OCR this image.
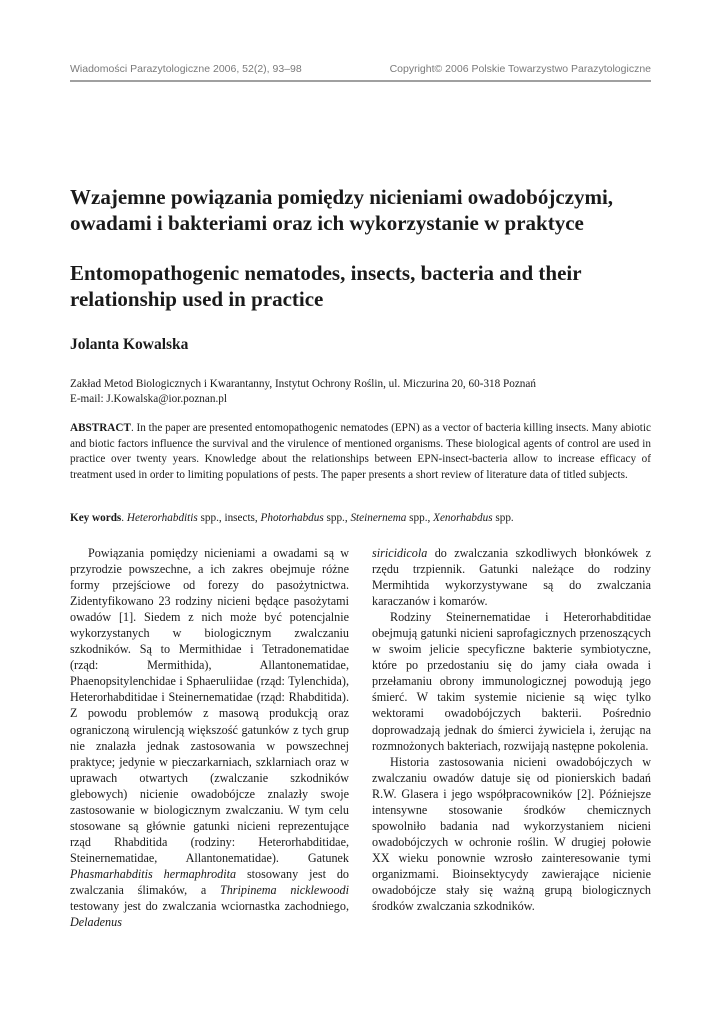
Wiadomości Parazytologiczne 2006, 52(2), 93–98	Copyright© 2006 Polskie Towarzystwo Parazytologiczne
Wzajemne powiązania pomiędzy nicieniami owadobójczymi,
owadami i bakteriami oraz ich wykorzystanie w praktyce
Entomopathogenic nematodes, insects, bacteria and their
relationship used in practice

Jolanta Kowalska

Zakład Metod Biologicznych i Kwarantanny, Instytut Ochrony Roślin, ul. Miczurina 20, 60-318 Poznań
E-mail: J.Kowalska@ior.poznan.pl

ABSTRACT. In the paper are presented entomopathogenic nematodes (EPN) as a vector of bacteria killing insects. Many abiotic and biotic factors influence the survival and the virulence of mentioned organisms. These biological agents of control are used in practice over twenty years. Knowledge about the relationships between EPN-insect-bacteria allow to increase efficacy of treatment used in order to limiting populations of pests. The paper presents a short review of literature data of titled subjects.

Key words. Heterorhabditis spp., insects, Photorhabdus spp., Steinernema spp., Xenorhabdus spp.

Powiązania pomiędzy nicieniami a owadami są w przyrodzie powszechne, a ich zakres obejmuje różne formy przejściowe od forezy do pasożytnictwa. Zidentyfikowano 23 rodziny nicieni będące pasożytami owadów [1]. Siedem z nich może być potencjalnie wykorzystanych w biologicznym zwalczaniu szkodników. Są to Mermithidae i Tetradonematidae (rząd: Mermithida), Allantonematidae, Phaenopsitylenchidae i Sphaeruliidae (rząd: Tylenchida), Heterorhabditidae i Steinernematidae (rząd: Rhabditida). Z powodu problemów z masową produkcją oraz ograniczoną wirulencją większość gatunków z tych grup nie znalazła jednak zastosowania w powszechnej praktyce; jedynie w pieczarkarniach, szklarniach oraz w uprawach otwartych (zwalczanie szkodników glebowych) nicienie owadobójcze znalazły swoje zastosowanie w biologicznym zwalczaniu. W tym celu stosowane są głównie gatunki nicieni reprezentujące rząd Rhabditida (rodziny: Heterorhabditidae, Steinernematidae, Allantonematidae). Gatunek Phasmarhabditis hermaphrodita stosowany jest do zwalczania ślimaków, a Thripinema nicklewoodi testowany jest do zwalczania wciornastka zachodniego, Deladenus

siricidicola do zwalczania szkodliwych błonkówek z rzędu trzpiennik. Gatunki należące do rodziny Mermihtida wykorzystywane są do zwalczania karaczanów i komarów.

Rodziny Steinernematidae i Heterorhabditidae obejmują gatunki nicieni saprofagicznych przenoszących w swoim jelicie specyficzne bakterie symbiotyczne, które po przedostaniu się do jamy ciała owada i przełamaniu obrony immunologicznej powodują jego śmierć. W takim systemie nicienie są więc tylko wektorami owadobójczych bakterii. Pośrednio doprowadzają jednak do śmierci żywiciela i, żerując na rozmnożonych bakteriach, rozwijają następne pokolenia.

Historia zastosowania nicieni owadobójczych w zwalczaniu owadów datuje się od pionierskich badań R.W. Glasera i jego współpracowników [2]. Późniejsze intensywne stosowanie środków chemicznych spowolniło badania nad wykorzystaniem nicieni owadobójczych w ochronie roślin. W drugiej połowie XX wieku ponownie wzrosło zainteresowanie tymi organizmami. Bioinsektycydy zawierające nicienie owadobójcze stały się ważną grupą biologicznych środków zwalczania szkodników.
